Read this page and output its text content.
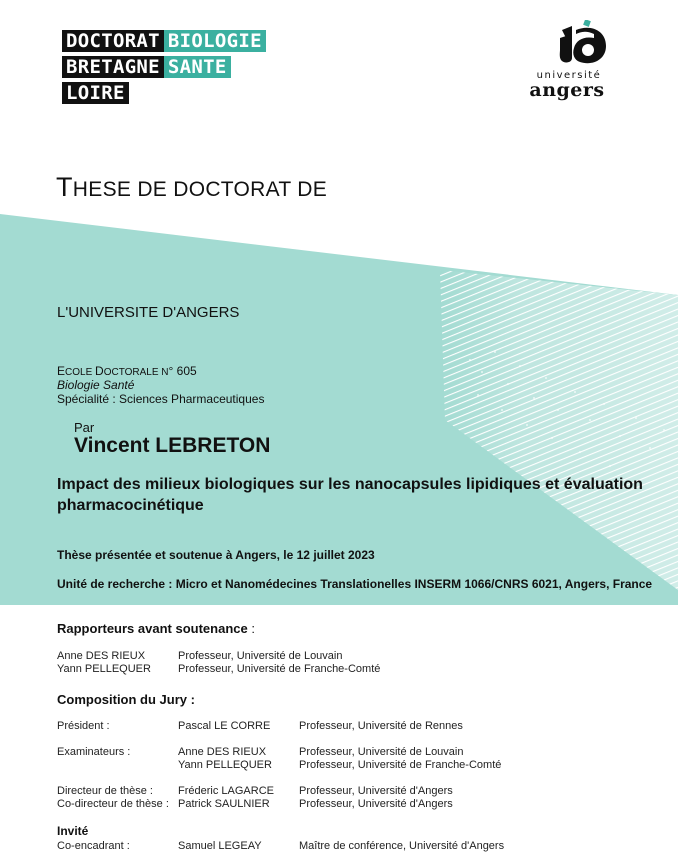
DOCTORAT BIOLOGIE
BRETAGNE SANTE
LOIRE
université
angers
THESE DE DOCTORAT DE
L'UNIVERSITE D'ANGERS
ECOLE DOCTORALE N° 605
Biologie Santé
Spécialité : Sciences Pharmaceutiques
Par
Vincent LEBRETON
Impact des milieux biologiques sur les nanocapsules lipidiques et évaluation pharmacocinétique
Thèse présentée et soutenue à Angers, le 12 juillet 2023
Unité de recherche : Micro et Nanomédecines Translationelles INSERM 1066/CNRS 6021, Angers, France
Rapporteurs avant soutenance :
Anne DES RIEUX	Professeur, Université de Louvain
Yann PELLEQUER Professeur, Université de Franche-Comté
Composition du Jury :
Président :	Pascal LE CORRE	Professeur, Université de Rennes
Examinateurs :	Anne DES RIEUX	Professeur, Université de Louvain
Yann PELLEQUER Professeur, Université de Franche-Comté
Directeur de thèse : Fréderic LAGARCE Professeur, Université d'Angers
Co-directeur de thèse : Patrick SAULNIER	Professeur, Université d'Angers
Invité
Co-encadrant :	Samuel LEGEAY	Maître de conférence, Université d'Angers
